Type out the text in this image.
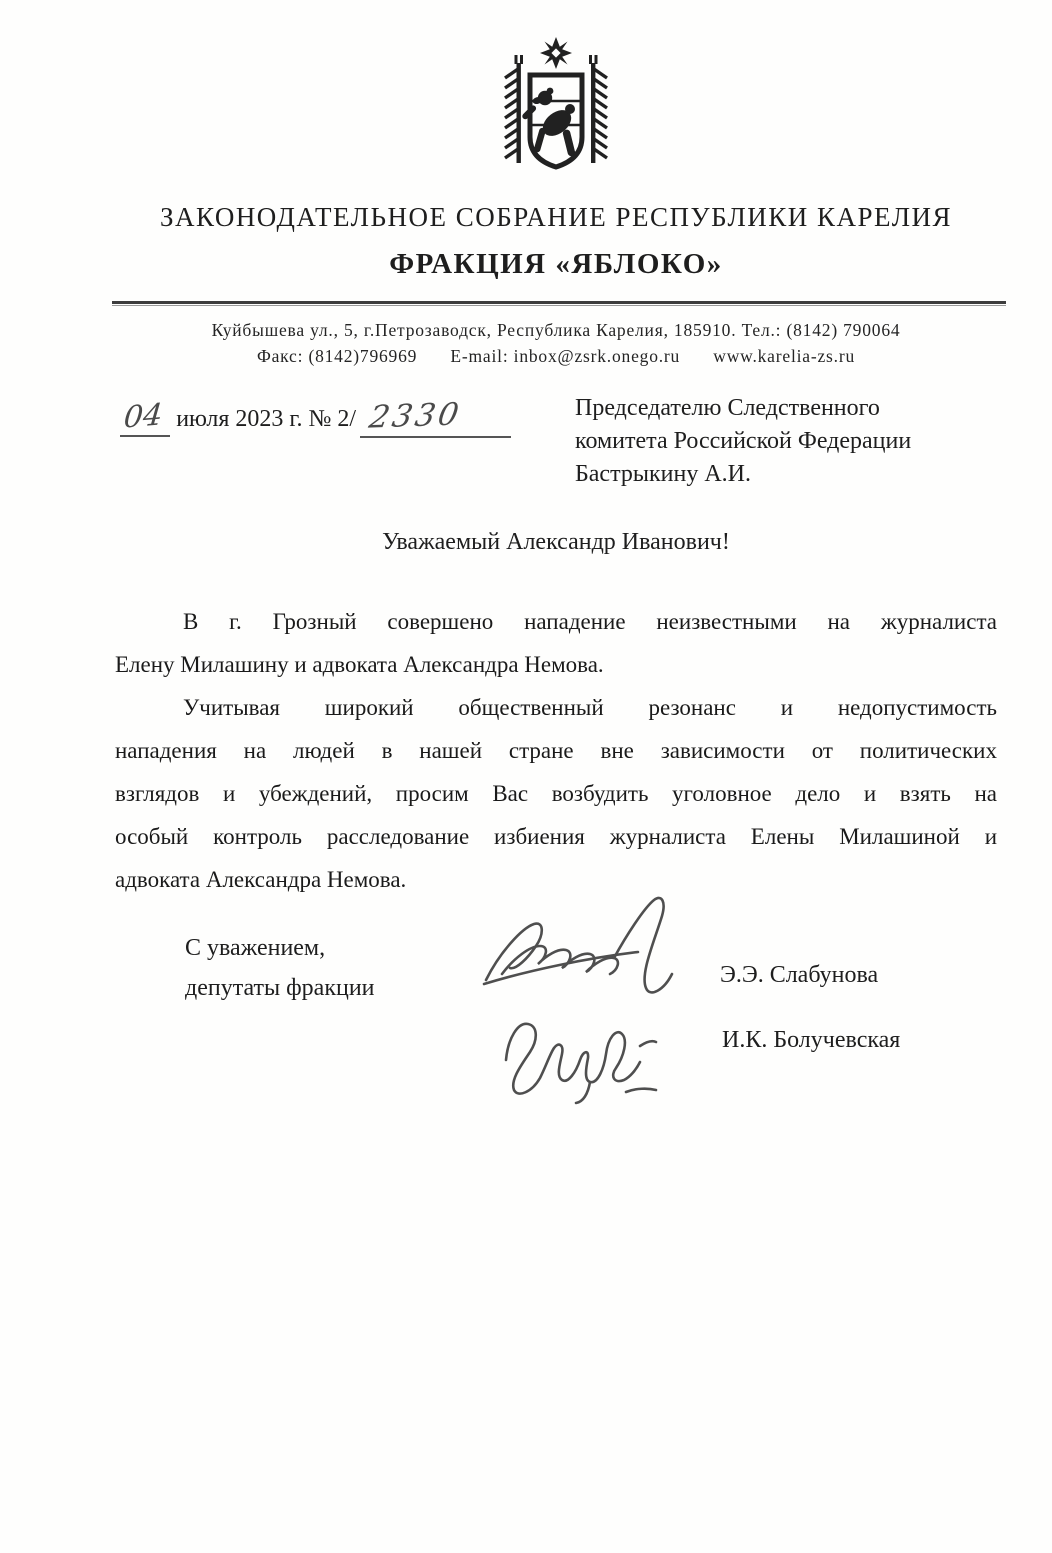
ЗАКОНОДАТЕЛЬНОЕ СОБРАНИЕ РЕСПУБЛИКИ КАРЕЛИЯ
ФРАКЦИЯ «ЯБЛОКО»
Куйбышева ул., 5, г.Петрозаводск, Республика Карелия, 185910. Тел.: (8142) 790064
Факс: (8142)796969 E-mail: inbox@zsrk.onego.ru www.karelia-zs.ru
04 июля 2023 г. № 2/ 2330	Председателю Следственного
комитета Российской Федерации
Бастрыкину А.И.
Уважаемый Александр Иванович!
В г. Грозный совершено нападение неизвестными на журналиста
Елену Милашину и адвоката Александра Немова.
Учитывая широкий общественный резонанс и недопустимость
нападения на людей в нашей стране вне зависимости от политических
взглядов и убеждений, просим Вас возбудить уголовное дело и взять на
особый контроль расследование избиения журналиста Елены Милашиной и
адвоката Александра Немова.
С уважением,
депутаты фракции	Э.Э. Слабунова
И.К. Болучевская
